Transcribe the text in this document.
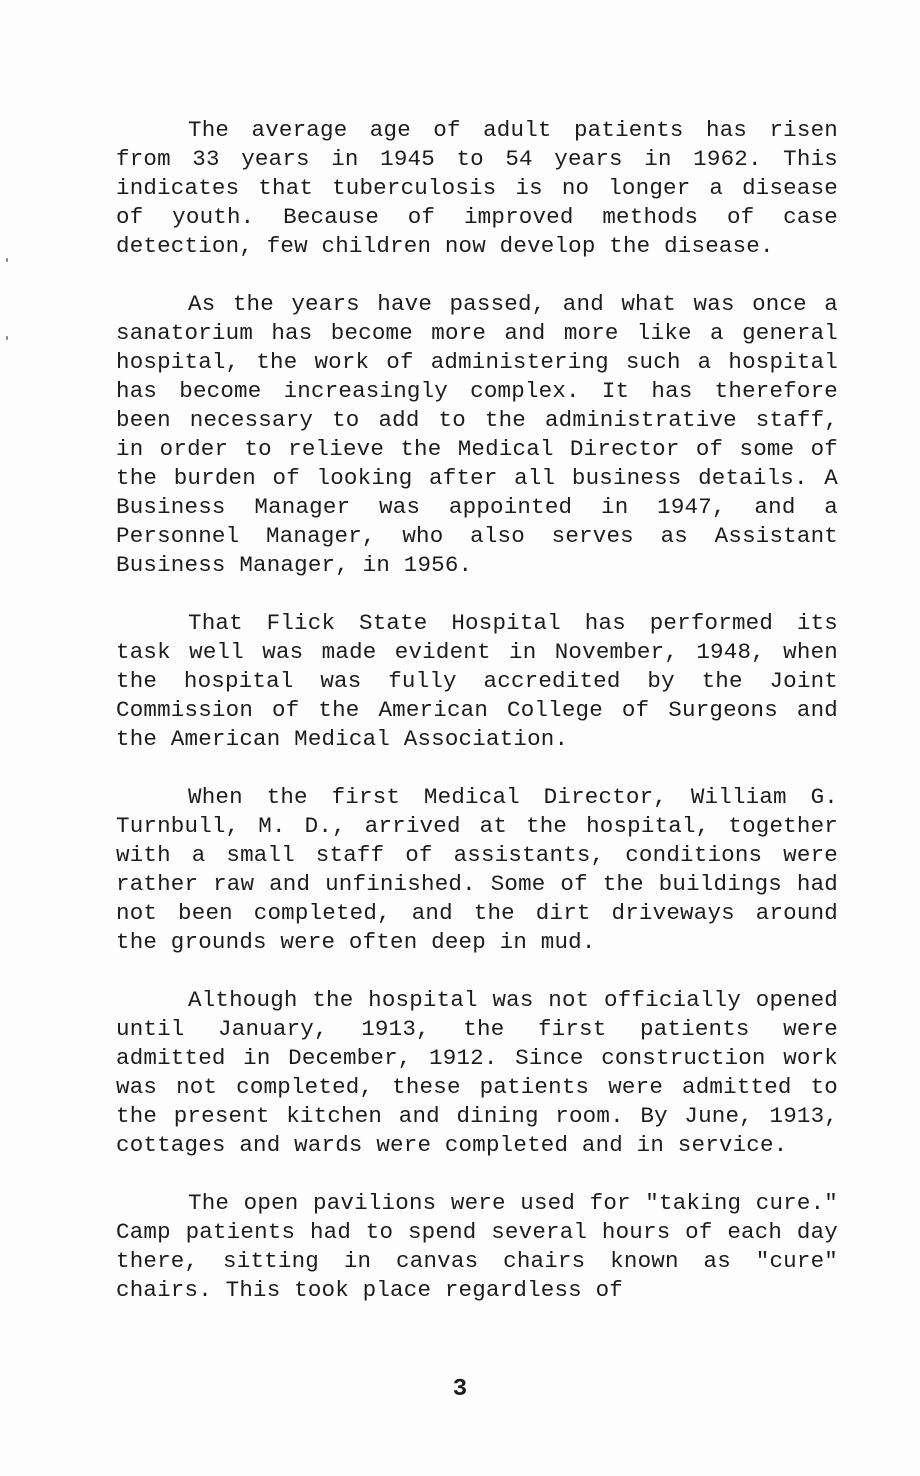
The average age of adult patients has risen from 33 years in 1945 to 54 years in 1962. This indicates that tuberculosis is no longer a disease of youth. Because of improved methods of case detection, few children now develop the disease.

As the years have passed, and what was once a sanatorium has become more and more like a general hospital, the work of administering such a hospital has become increasingly complex. It has therefore been necessary to add to the administrative staff, in order to relieve the Medical Director of some of the burden of looking after all business details. A Business Manager was appointed in 1947, and a Personnel Manager, who also serves as Assistant Business Manager, in 1956.

That Flick State Hospital has performed its task well was made evident in November, 1948, when the hospital was fully accredited by the Joint Commission of the American College of Surgeons and the American Medical Association.

When the first Medical Director, William G. Turnbull, M. D., arrived at the hospital, together with a small staff of assistants, conditions were rather raw and unfinished. Some of the buildings had not been completed, and the dirt driveways around the grounds were often deep in mud.

Although the hospital was not officially opened until January, 1913, the first patients were admitted in December, 1912. Since construction work was not completed, these patients were admitted to the present kitchen and dining room. By June, 1913, cottages and wards were completed and in service.

The open pavilions were used for "taking cure." Camp patients had to spend several hours of each day there, sitting in canvas chairs known as "cure" chairs. This took place regardless of

3
